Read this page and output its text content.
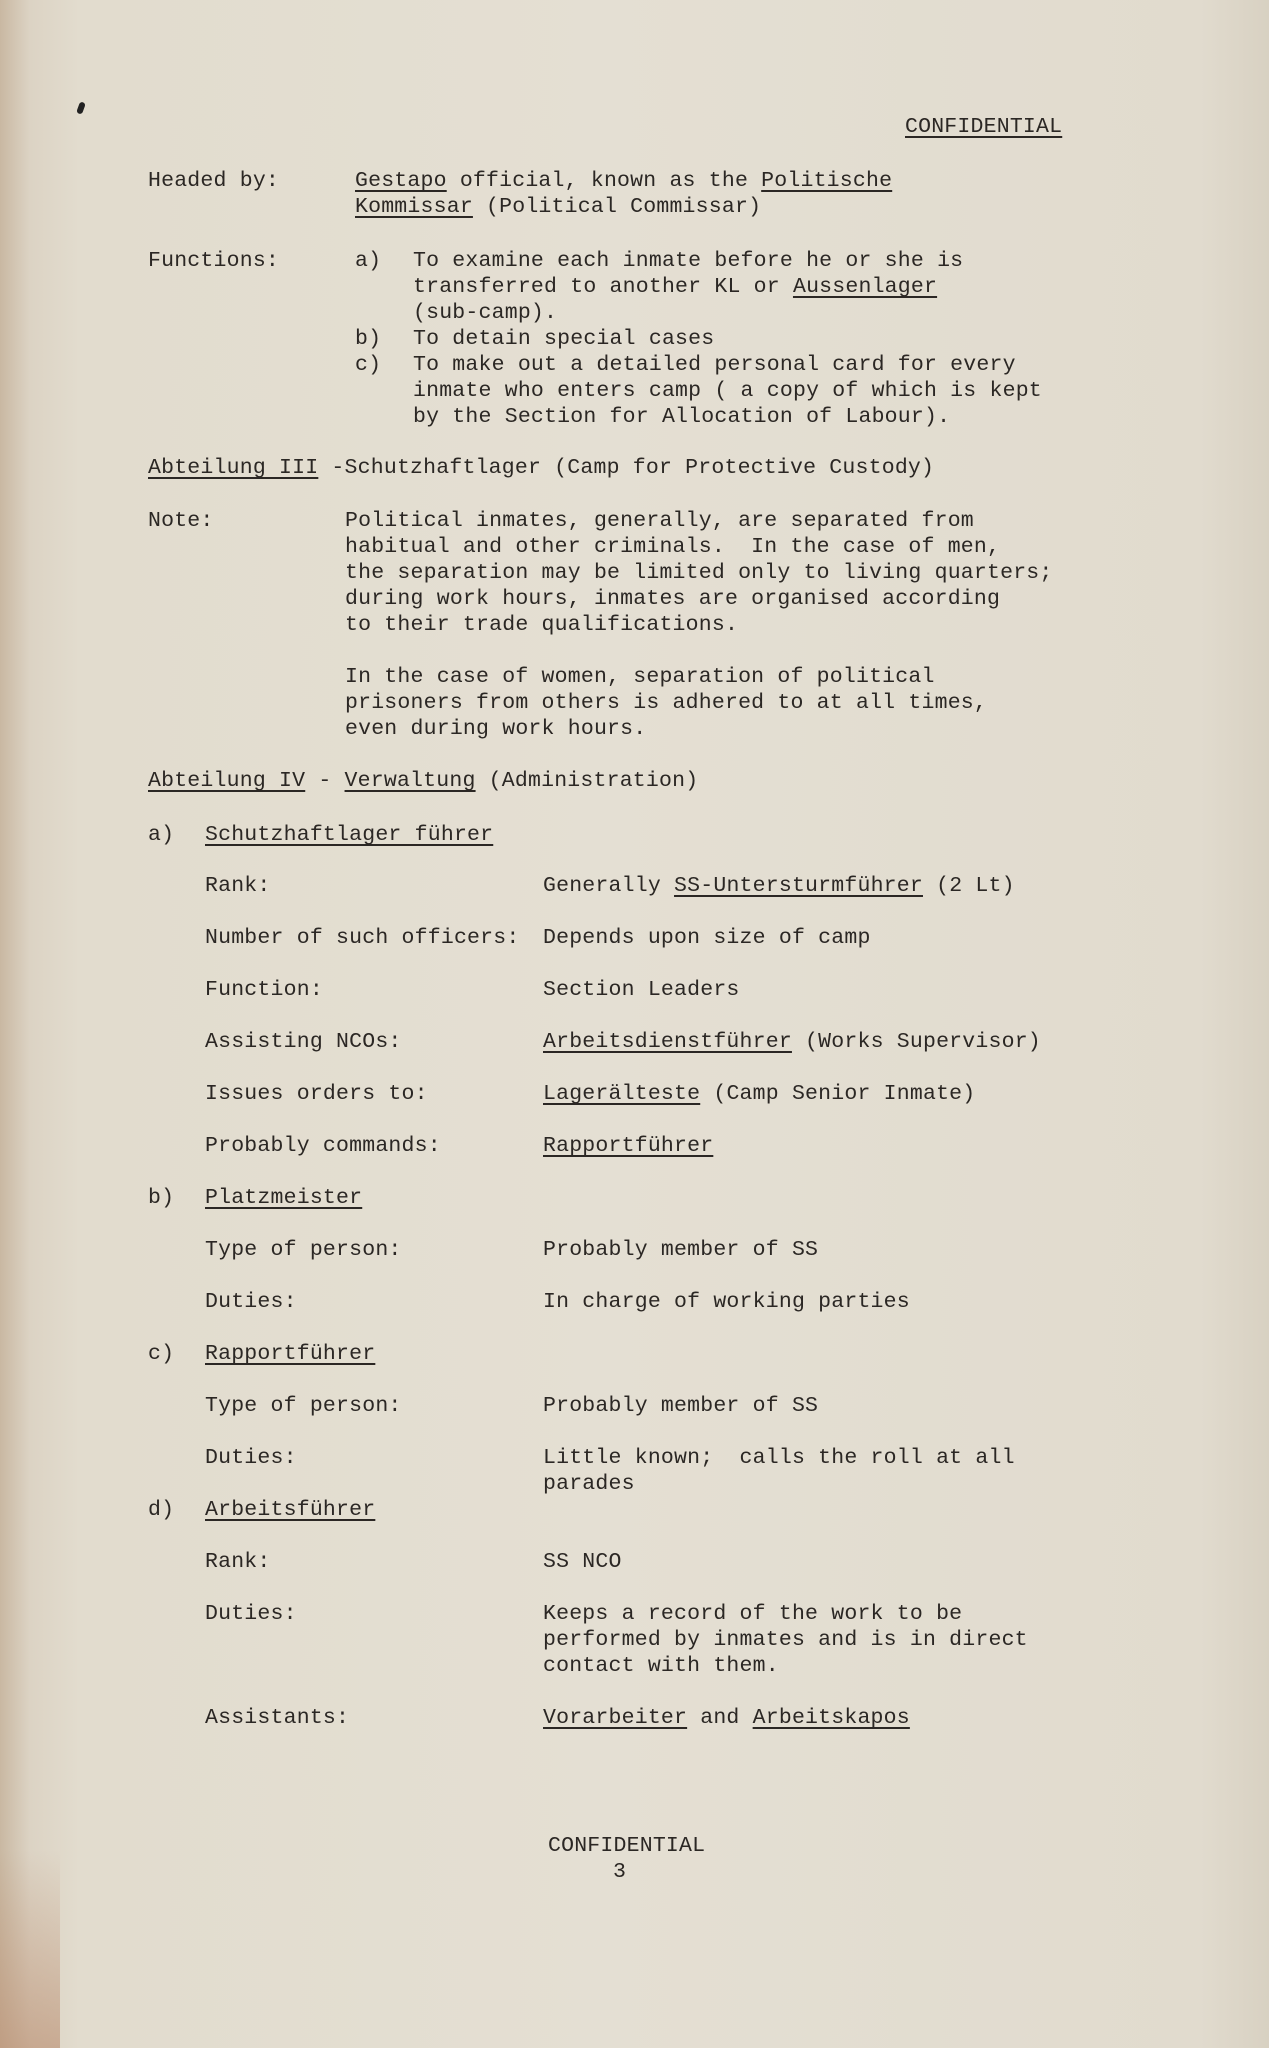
CONFIDENTIAL
Headed by:	Gestapo official, known as the Politische
Kommissar (Political Commissar)
Functions:	a) To examine each inmate before he or she is
transferred to another KL or Aussenlager
(sub-camp).
b) To detain special cases
c) To make out a detailed personal card for every
inmate who enters camp ( a copy of which is kept
by the Section for Allocation of Labour).
Abteilung III -Schutzhaftlager (Camp for Protective Custody)
Note:	Political inmates, generally, are separated from
habitual and other criminals.  In the case of men,
the separation may be limited only to living quarters;
during work hours, inmates are organised according
to their trade qualifications.
In the case of women, separation of political
prisoners from others is adhered to at all times,
even during work hours.
Abteilung IV - Verwaltung (Administration)
a) Schutzhaftlager führer
Rank:	Generally SS-Untersturmführer (2 Lt)
Number of such officers: Depends upon size of camp
Function:	Section Leaders
Assisting NCOs:	Arbeitsdienstführer (Works Supervisor)
Issues orders to:	Lagerälteste (Camp Senior Inmate)
Probably commands:	Rapportführer
b) Platzmeister
Type of person:	Probably member of SS
Duties:	In charge of working parties
c) Rapportführer
Type of person:	Probably member of SS
Duties:	Little known;  calls the roll at all
parades
d) Arbeitsführer
Rank:	SS NCO
Duties:	Keeps a record of the work to be
performed by inmates and is in direct
contact with them.
Assistants:	Vorarbeiter and Arbeitskapos
CONFIDENTIAL
3
